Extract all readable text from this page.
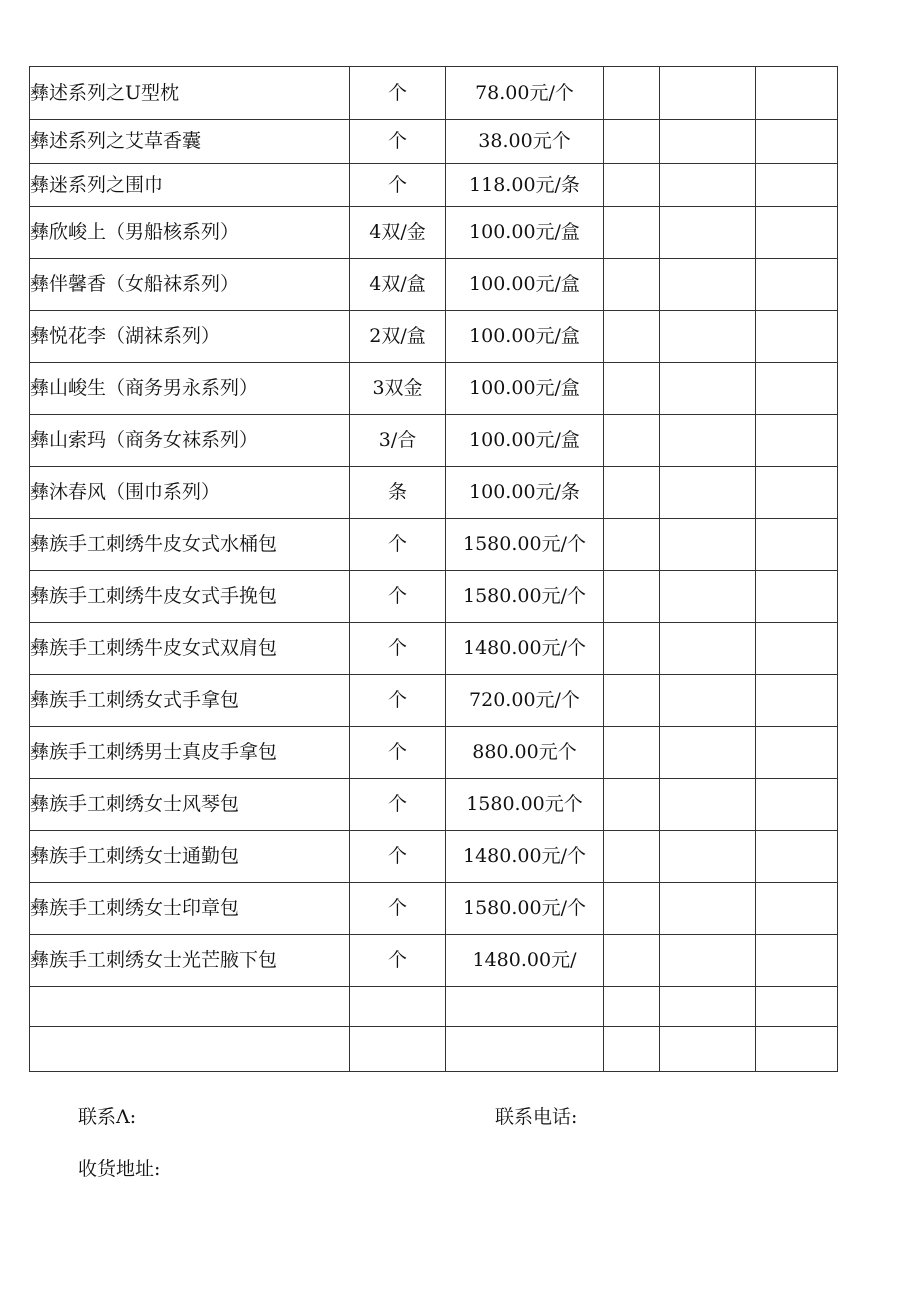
彝述系列之U型枕	个	78.00元/个			
彝述系列之艾草香囊	个	38.00元个			
彝迷系列之围巾	个	118.00元/条			
彝欣峻上（男船核系列）	4双/金	100.00元/盒			
彝伴馨香（女船袜系列）	4双/盒	100.00元/盒			
彝悦花李（湖袜系列）	2双/盒	100.00元/盒			
彝山峻生（商务男永系列）	3双金	100.00元/盒			
彝山索玛（商务女袜系列）	3/合	100.00元/盒			
彝沐春风（围巾系列）	条	100.00元/条			
彝族手工刺绣牛皮女式水桶包	个	1580.00元/个			
彝族手工刺绣牛皮女式手挽包	个	1580.00元/个			
彝族手工刺绣牛皮女式双肩包	个	1480.00元/个			
彝族手工刺绣女式手拿包	个	720.00元/个			
彝族手工刺绣男士真皮手拿包	个	880.00元个			
彝族手工刺绣女士风琴包	个	1580.00元个			
彝族手工刺绣女士通勤包	个	1480.00元/个			
彝族手工刺绣女士印章包	个	1580.00元/个			
彝族手工刺绣女士光芒腋下包	个	1480.00元/			

联系Λ:	联系电话:
收货地址:
